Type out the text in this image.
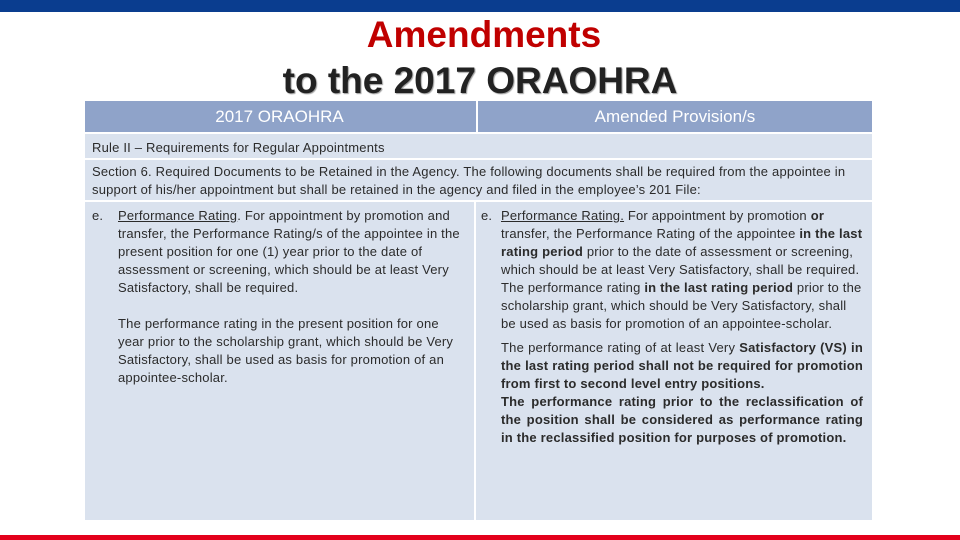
Amendments
to the 2017 ORAOHRA
2017 ORAOHRA	Amended Provision/s
Rule II – Requirements for Regular Appointments
Section 6. Required Documents to be Retained in the Agency. The following documents shall be required from the appointee in support of his/her appointment but shall be retained in the agency and filed in the employee’s 201 File:
e. Performance Rating. For appointment by promotion and transfer, the Performance Rating/s of the appointee in the present position for one (1) year prior to the date of assessment or screening, which should be at least Very Satisfactory, shall be required.
The performance rating in the present position for one year prior to the scholarship grant, which should be Very Satisfactory, shall be used as basis for promotion of an appointee-scholar.
e. Performance Rating. For appointment by promotion or transfer, the Performance Rating of the appointee in the last rating period prior to the date of assessment or screening, which should be at least Very Satisfactory, shall be required.
The performance rating in the last rating period prior to the scholarship grant, which should be Very Satisfactory, shall be used as basis for promotion of an appointee-scholar.
The performance rating of at least Very Satisfactory (VS) in the last rating period shall not be required for promotion from first to second level entry positions.
The performance rating prior to the reclassification of the position shall be considered as performance rating in the reclassified position for purposes of promotion.
